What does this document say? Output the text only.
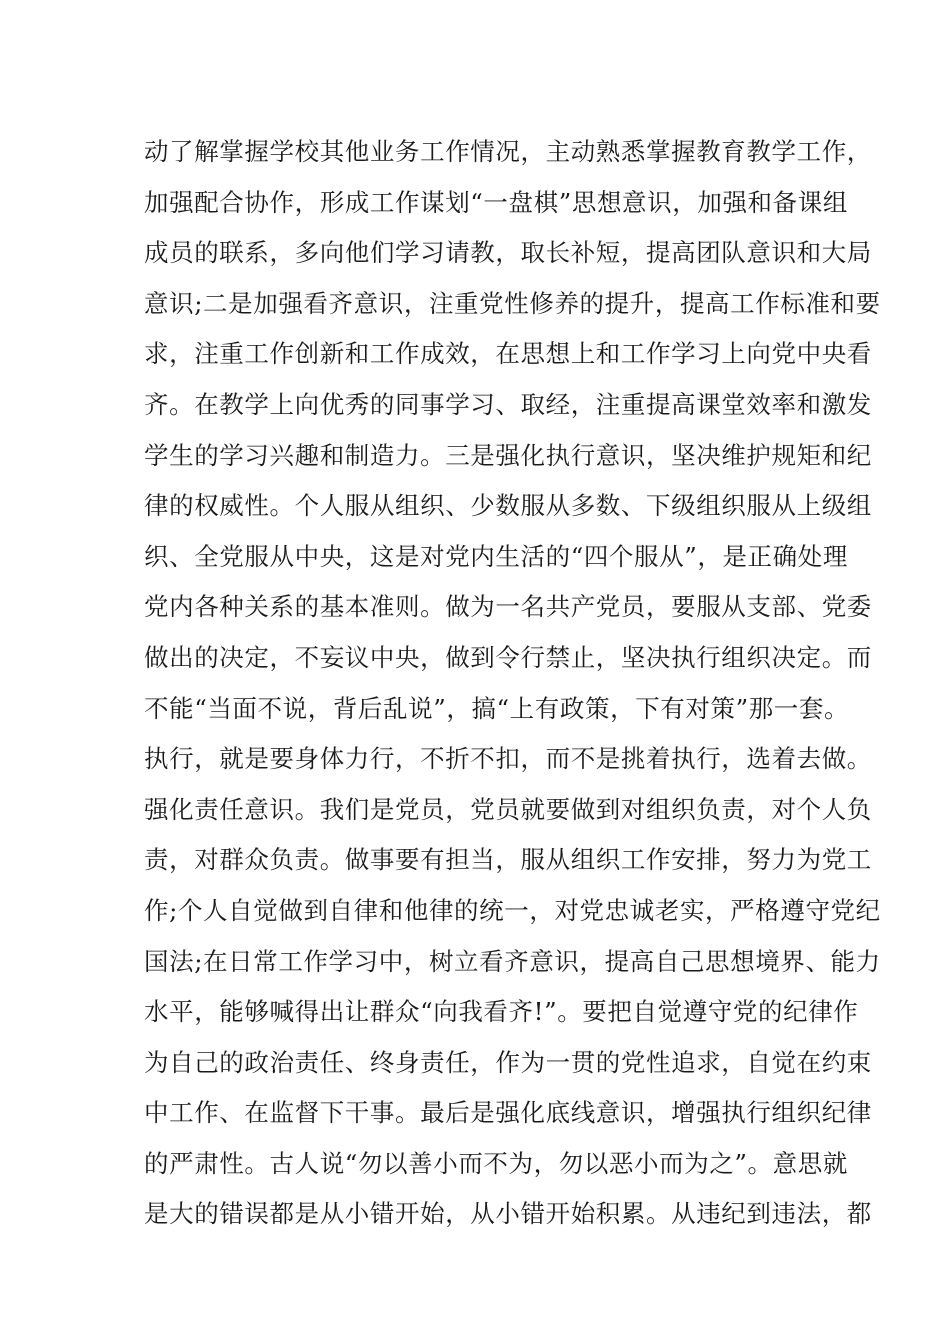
动了解掌握学校其他业务工作情况，主动熟悉掌握教育教学工作，
加强配合协作，形成工作谋划“一盘棋”思想意识，加强和备课组
成员的联系，多向他们学习请教，取长补短，提高团队意识和大局
意识;二是加强看齐意识，注重党性修养的提升，提高工作标准和要
求，注重工作创新和工作成效，在思想上和工作学习上向党中央看
齐。在教学上向优秀的同事学习、取经，注重提高课堂效率和激发
学生的学习兴趣和制造力。三是强化执行意识，坚决维护规矩和纪
律的权威性。个人服从组织、少数服从多数、下级组织服从上级组
织、全党服从中央，这是对党内生活的“四个服从”，是正确处理
党内各种关系的基本准则。做为一名共产党员，要服从支部、党委
做出的决定，不妄议中央，做到令行禁止，坚决执行组织决定。而
不能“当面不说，背后乱说”，搞“上有政策，下有对策”那一套。
执行，就是要身体力行，不折不扣，而不是挑着执行，选着去做。
强化责任意识。我们是党员，党员就要做到对组织负责，对个人负
责，对群众负责。做事要有担当，服从组织工作安排，努力为党工
作;个人自觉做到自律和他律的统一，对党忠诚老实，严格遵守党纪
国法;在日常工作学习中，树立看齐意识，提高自己思想境界、能力
水平，能够喊得出让群众“向我看齐!”。要把自觉遵守党的纪律作
为自己的政治责任、终身责任，作为一贯的党性追求，自觉在约束
中工作、在监督下干事。最后是强化底线意识，增强执行组织纪律
的严肃性。古人说“勿以善小而不为，勿以恶小而为之”。意思就
是大的错误都是从小错开始，从小错开始积累。从违纪到违法，都
